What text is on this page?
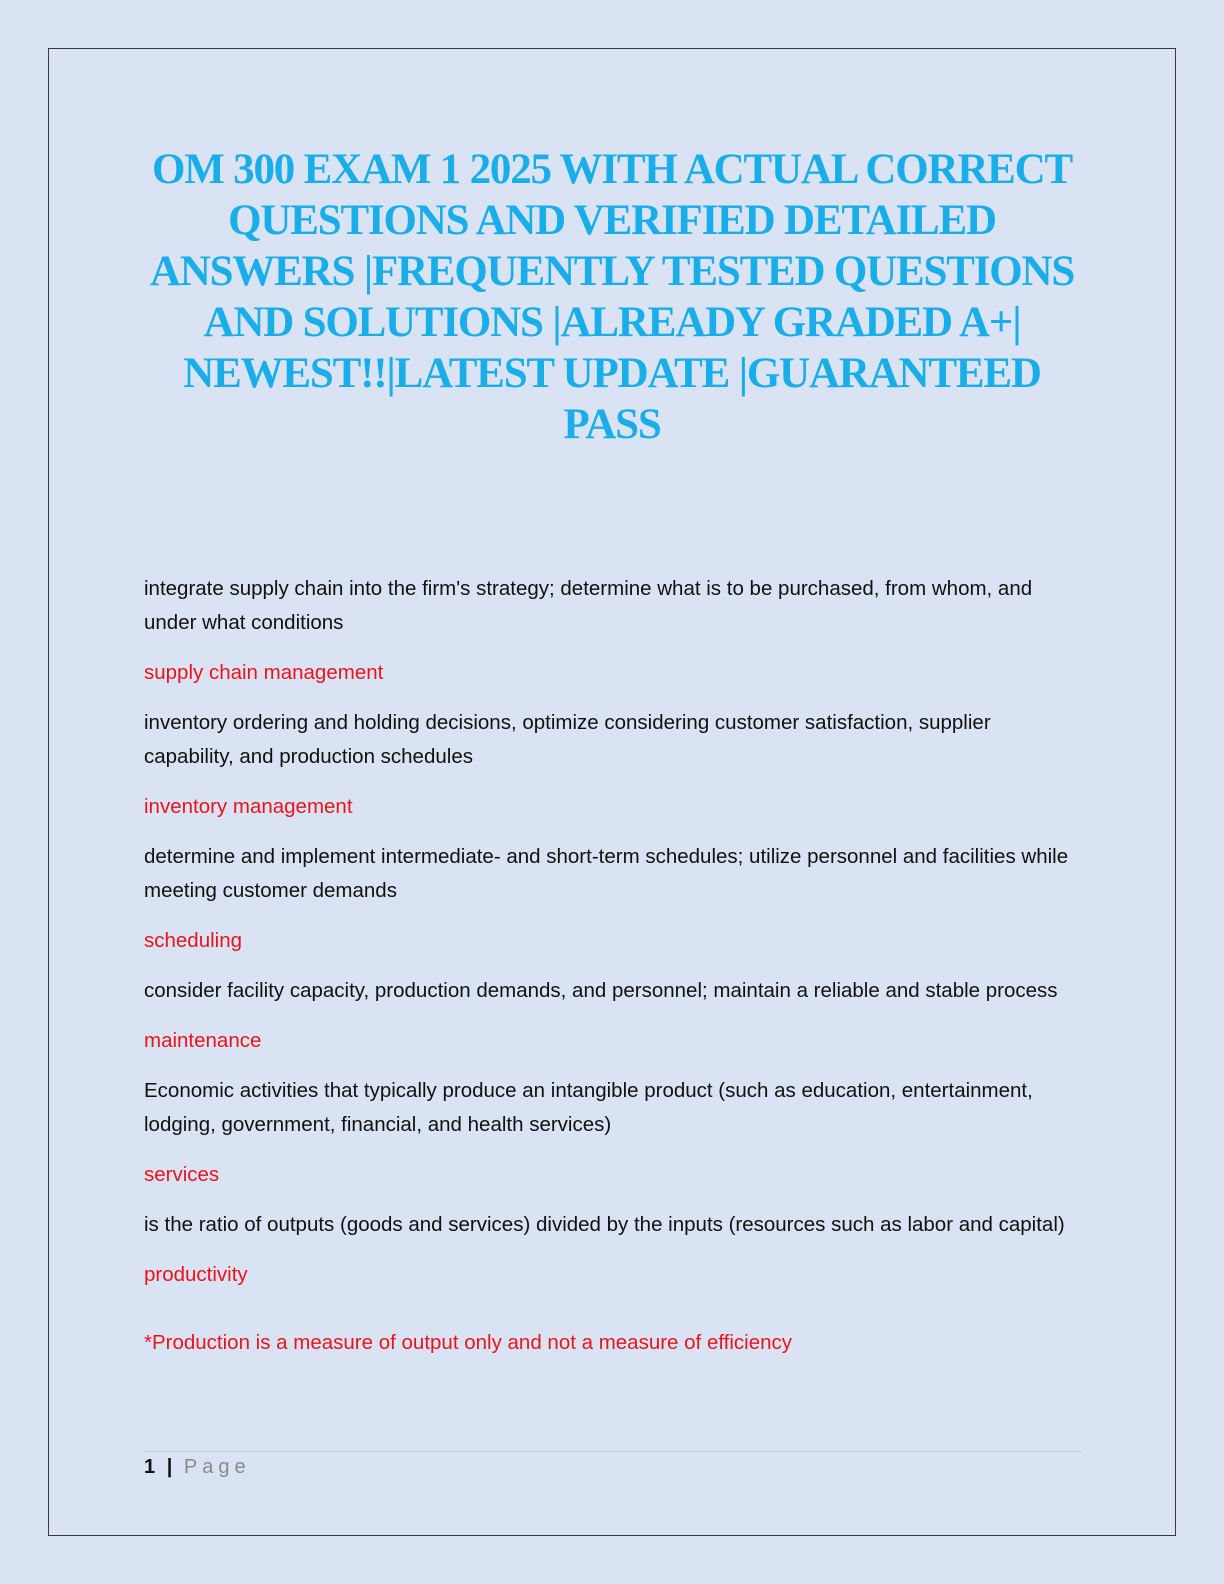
OM 300 EXAM 1 2025 WITH ACTUAL CORRECT QUESTIONS AND VERIFIED DETAILED ANSWERS |FREQUENTLY TESTED QUESTIONS AND SOLUTIONS |ALREADY GRADED A+| NEWEST!!|LATEST UPDATE |GUARANTEED PASS

integrate supply chain into the firm's strategy; determine what is to be purchased, from whom, and under what conditions

supply chain management

inventory ordering and holding decisions, optimize considering customer satisfaction, supplier capability, and production schedules

inventory management

determine and implement intermediate- and short-term schedules; utilize personnel and facilities while meeting customer demands

scheduling

consider facility capacity, production demands, and personnel; maintain a reliable and stable process

maintenance

Economic activities that typically produce an intangible product (such as education, entertainment, lodging, government, financial, and health services)

services

is the ratio of outputs (goods and services) divided by the inputs (resources such as labor and capital)

productivity

*Production is a measure of output only and not a measure of efficiency

1 | Page
